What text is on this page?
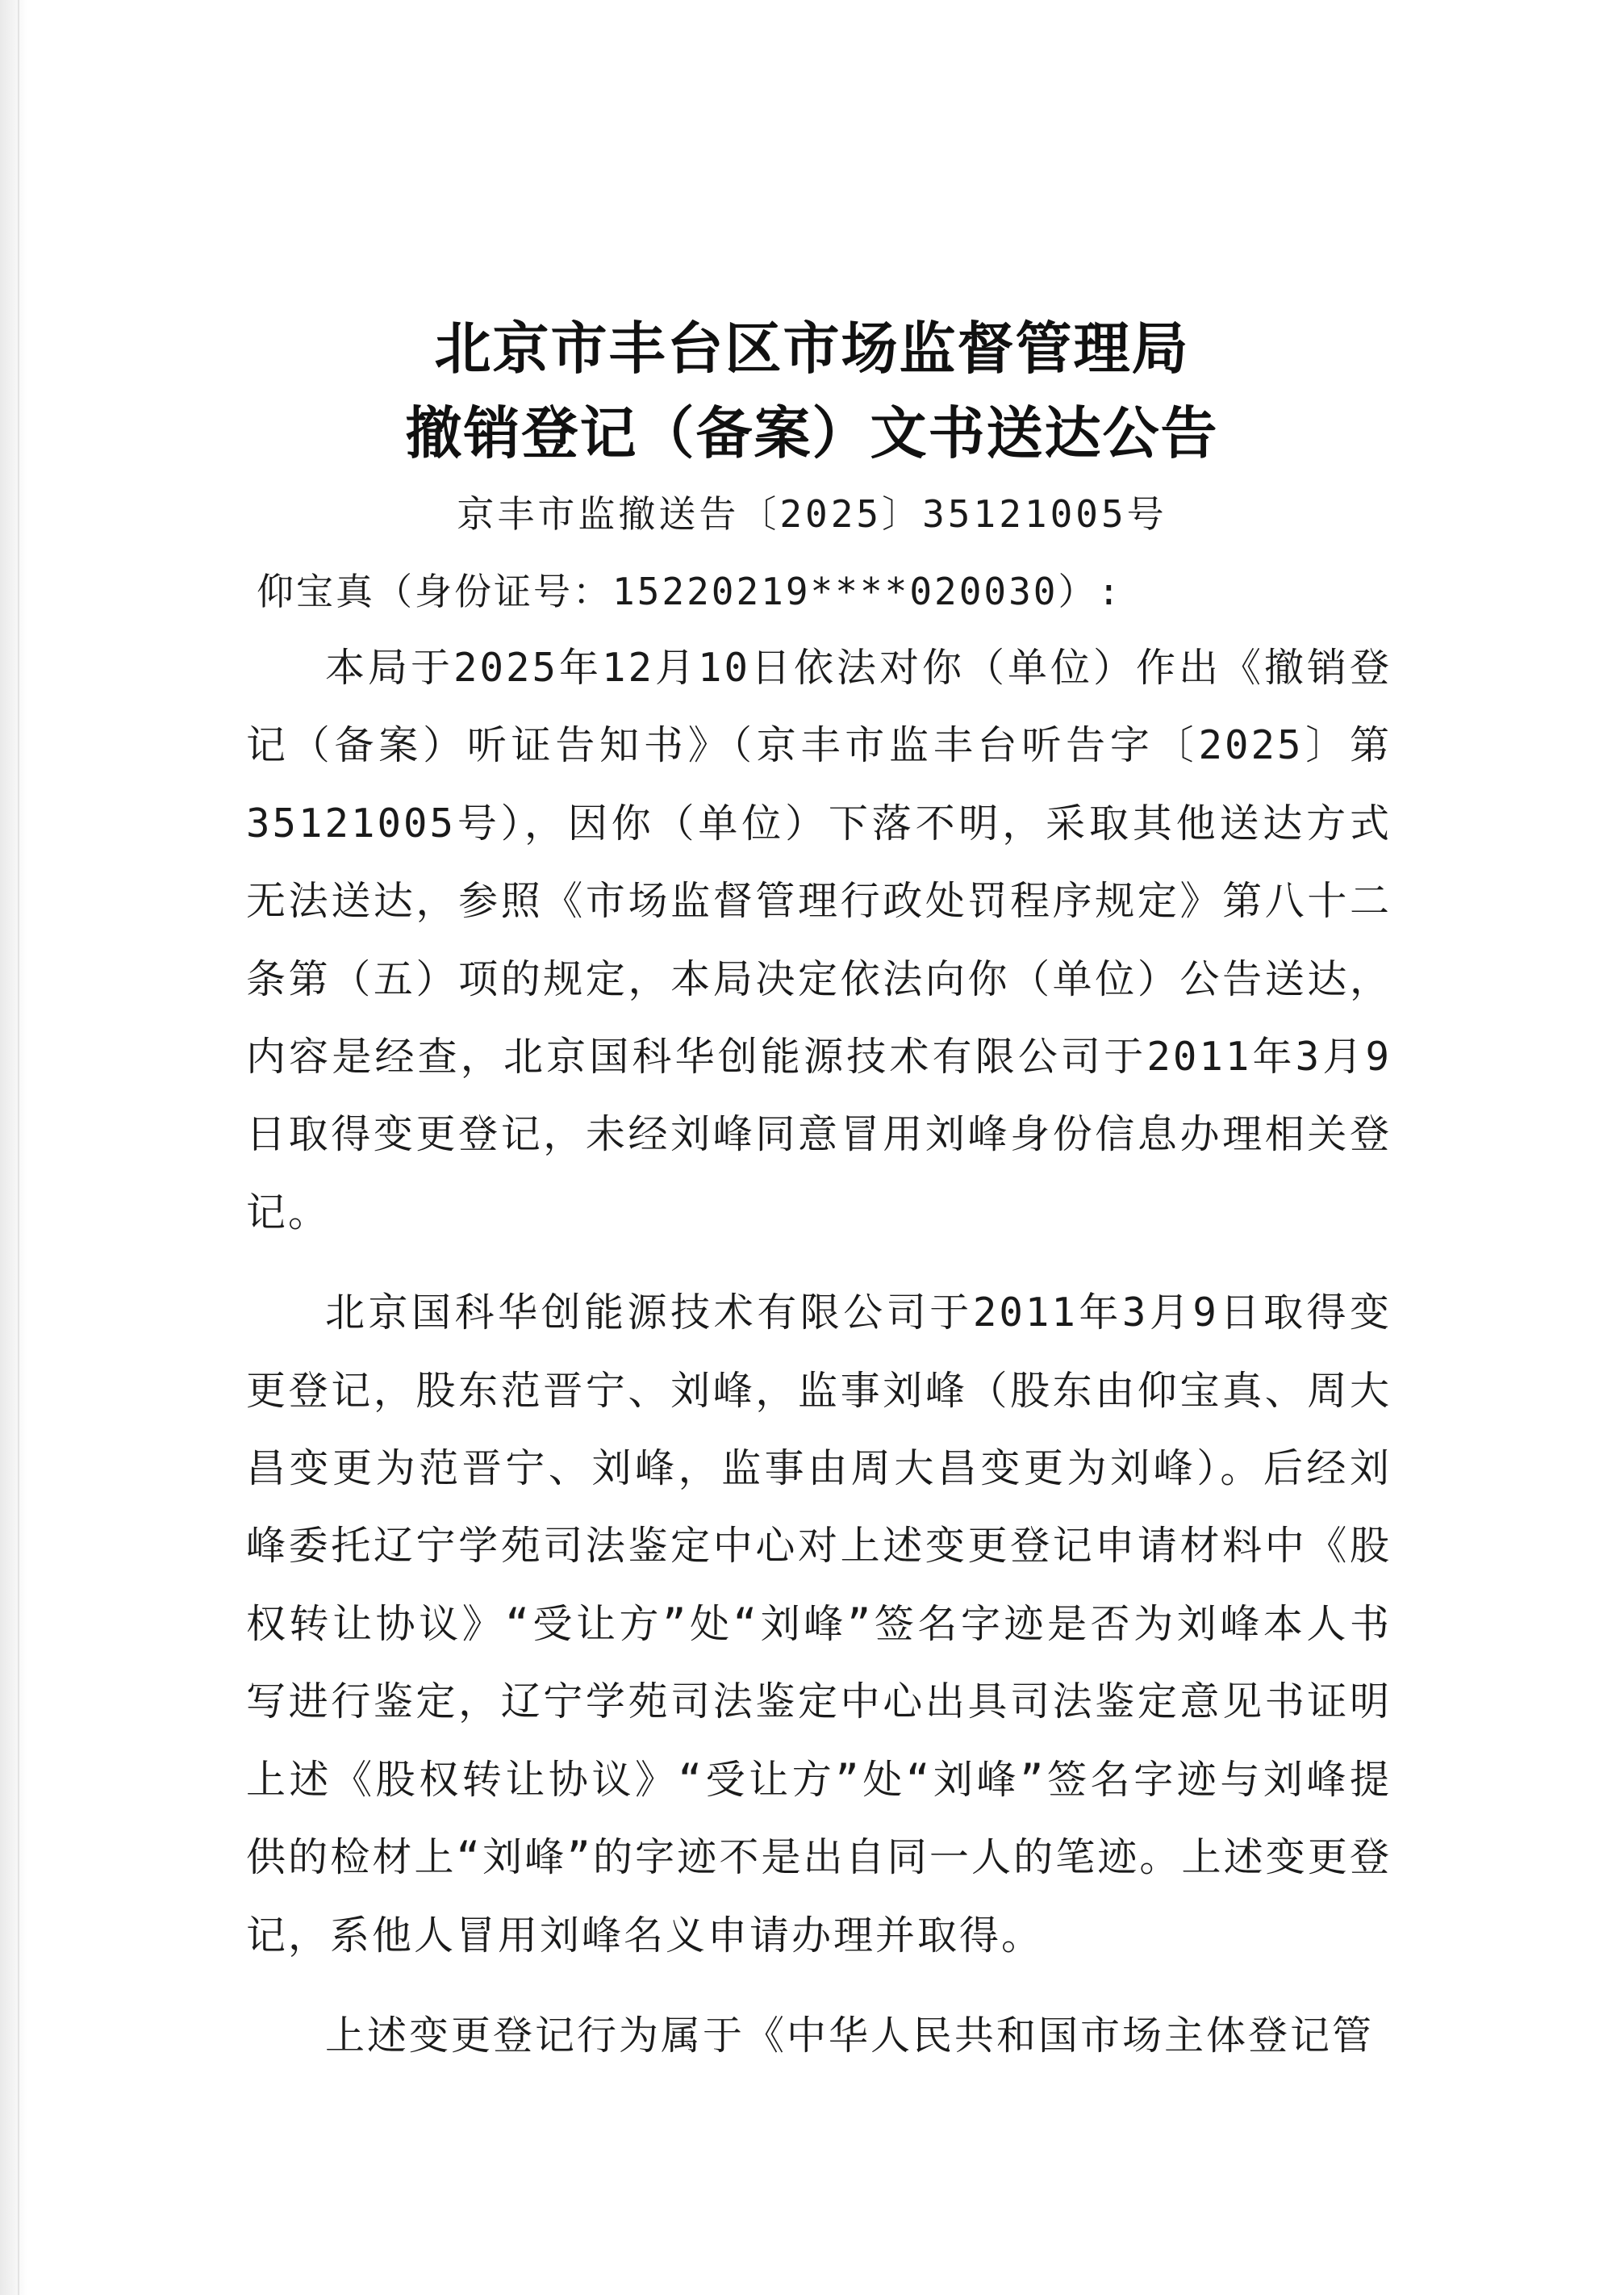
北京市丰台区市场监督管理局
撤销登记（备案）文书送达公告
京丰市监撤送告〔2025〕35121005号
仰宝真（身份证号：15220219****020030）:

本局于2025年12月10日依法对你（单位）作出《撤销登记（备案）听证告知书》（京丰市监丰台听告字〔2025〕第35121005号），因你（单位）下落不明，采取其他送达方式无法送达，参照《市场监督管理行政处罚程序规定》第八十二条第（五）项的规定，本局决定依法向你（单位）公告送达，内容是经查，北京国科华创能源技术有限公司于2011年3月9日取得变更登记，未经刘峰同意冒用刘峰身份信息办理相关登记。

北京国科华创能源技术有限公司于2011年3月9日取得变更登记，股东范晋宁、刘峰，监事刘峰（股东由仰宝真、周大昌变更为范晋宁、刘峰，监事由周大昌变更为刘峰）。后经刘峰委托辽宁学苑司法鉴定中心对上述变更登记申请材料中《股权转让协议》“受让方”处“刘峰”签名字迹是否为刘峰本人书写进行鉴定，辽宁学苑司法鉴定中心出具司法鉴定意见书证明上述《股权转让协议》“受让方”处“刘峰”签名字迹与刘峰提供的检材上“刘峰”的字迹不是出自同一人的笔迹。上述变更登记，系他人冒用刘峰名义申请办理并取得。

上述变更登记行为属于《中华人民共和国市场主体登记管
